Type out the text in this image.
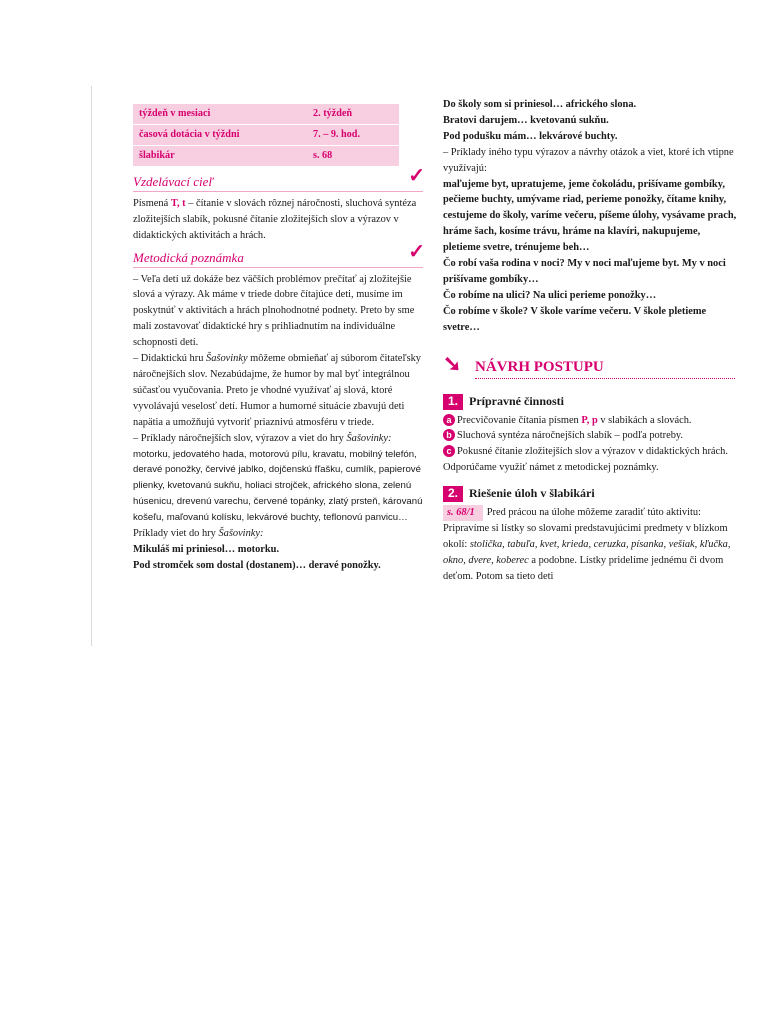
týždeň v mesiaci	2. týždeň
časová dotácia v týždni	7. – 9. hod.
šlabikár	s. 68
Vzdelávací cieľ	✓

Písmená T, t – čítanie v slovách rôznej náročnosti, sluchová syntéza zložitejších slabík, pokusné čítanie zložitejších slov a výrazov v didaktických aktivitách a hrách.

Metodická poznámka	✓

– Veľa detí už dokáže bez väčších problémov prečítať aj zložitejšie slová a výrazy. Ak máme v triede dobre čítajúce deti, musíme im poskytnúť v aktivitách a hrách plnohodnotné podnety. Preto by sme mali zostavovať didaktické hry s prihliadnutím na individuálne schopnosti detí.

– Didaktickú hru Šašovinky môžeme obmieňať aj súborom čitateľsky náročnejších slov. Nezabúdajme, že humor by mal byť integrálnou súčasťou vyučovania. Preto je vhodné využívať aj slová, ktoré vyvolávajú veselosť detí. Humor a humorné situácie zbavujú deti napätia a umožňujú vytvoriť priaznivú atmosféru v triede.

– Príklady náročnejších slov, výrazov a viet do hry Šašovinky:

motorku, jedovatého hada, motorovú pílu, kravatu, mobilný telefón, deravé ponožky, červivé jablko, dojčenskú fľašku, cumlík, papierové plienky, kvetovanú sukňu, holiaci strojček, afrického slona, zelenú húsenicu, drevenú varechu, červené topánky, zlatý prsteň, károvanú košeľu, maľovanú kolísku, lekvárové buchty, teflonovú panvicu…

Príklady viet do hry Šašovinky:

Mikuláš mi priniesol… motorku.

Pod stromček som dostal (dostanem)… deravé ponožky.

Do školy som si priniesol… afrického slona.

Bratovi darujem… kvetovanú sukňu.

Pod podušku mám… lekvárové buchty.

– Príklady iného typu výrazov a návrhy otázok a viet, ktoré ich vtipne využívajú:

maľujeme byt, upratujeme, jeme čokoládu, prišívame gombíky, pečieme buchty, umývame riad, perieme ponožky, čítame knihy, cestujeme do školy, varíme večeru, píšeme úlohy, vysávame prach, hráme šach, kosíme trávu, hráme na klavíri, nakupujeme, pletieme svetre, trénujeme beh…

Čo robí vaša rodina v noci? My v noci maľujeme byt. My v noci prišívame gombíky…

Čo robíme na ulici? Na ulici perieme ponožky…

Čo robíme v škole? V škole varíme večeru. V škole pletieme svetre…

➘ NÁVRH POSTUPU
1. Prípravné činnosti

a Precvičovanie čítania písmen P, p v slabikách a slovách.

b Sluchová syntéza náročnejších slabík – podľa potreby.

c Pokusné čítanie zložitejších slov a výrazov v didaktických hrách. Odporúčame využiť námet z metodickej poznámky.

2. Riešenie úloh v šlabikári

s. 68/1 Pred prácou na úlohe môžeme zaradiť túto aktivitu:

Pripravíme si lístky so slovami predstavujúcimi predmety v blízkom okolí: stolička, tabuľa, kvet, krieda, ceruzka, písanka, vešiak, kľučka, okno, dvere, koberec a podobne. Lístky pridelíme jednému či dvom deťom. Potom sa tieto deti
